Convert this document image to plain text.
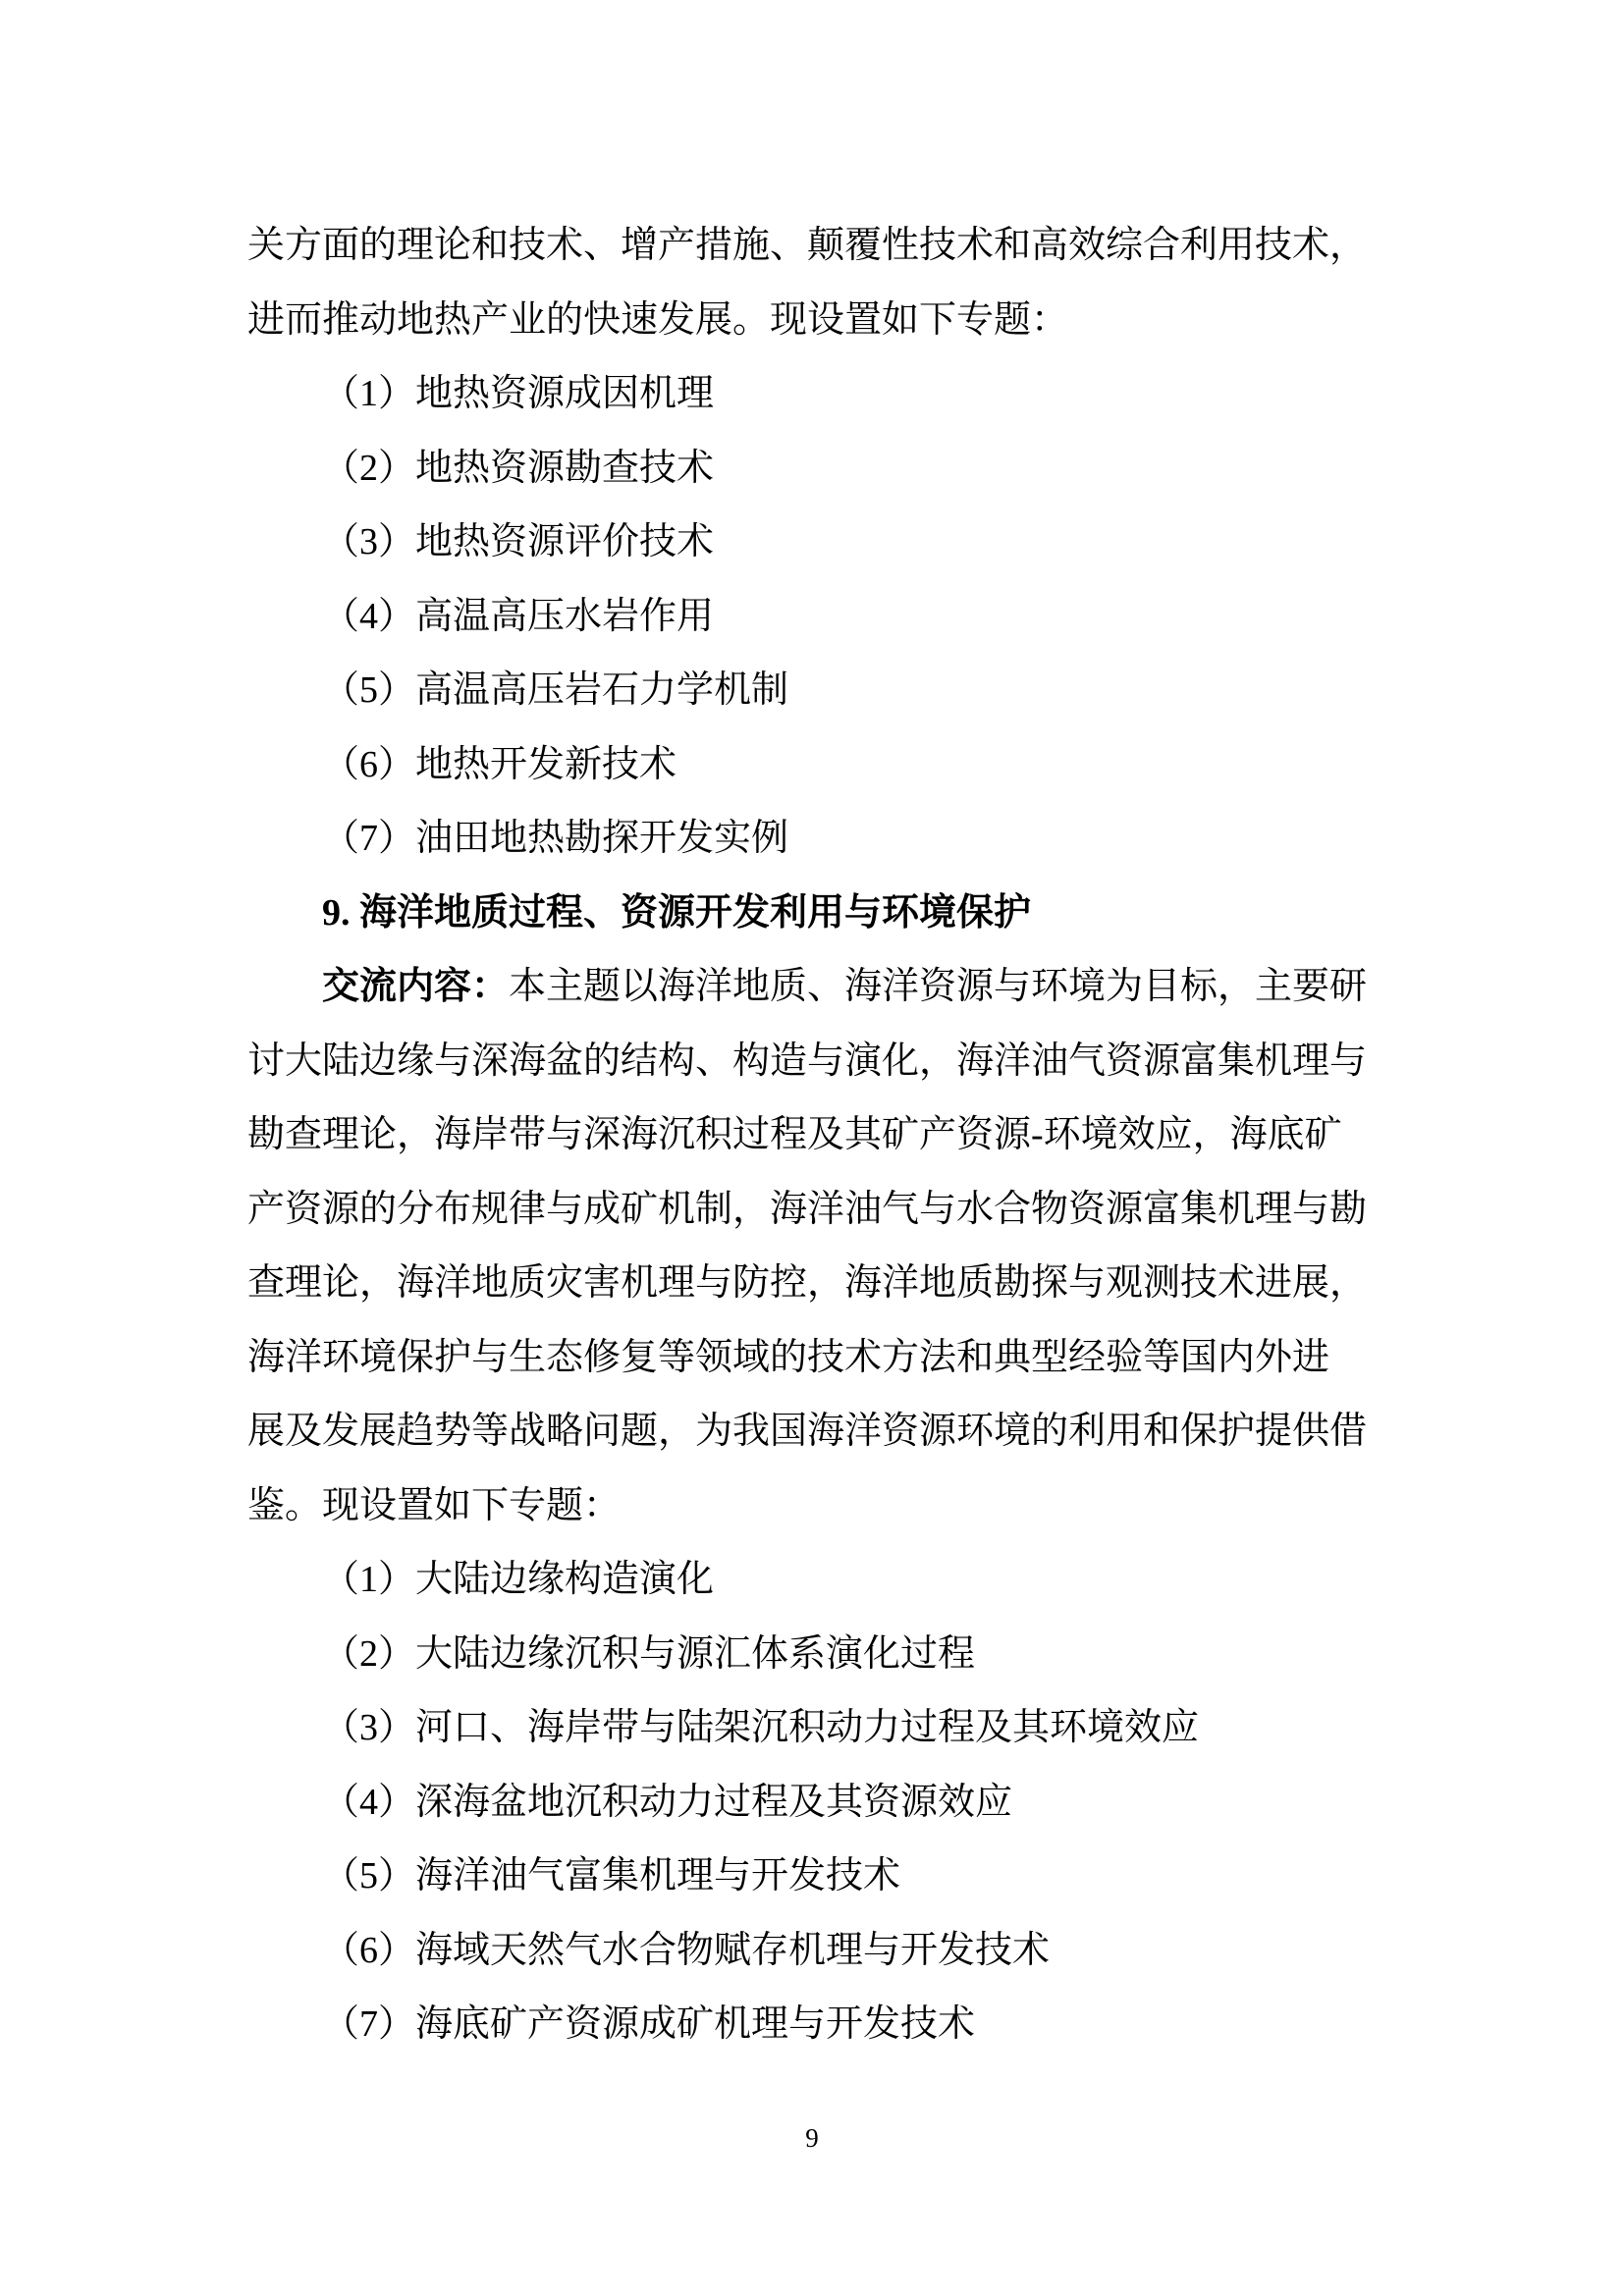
关方面的理论和技术、增产措施、颠覆性技术和高效综合利用技术，
进而推动地热产业的快速发展。现设置如下专题：
（1）地热资源成因机理
（2）地热资源勘查技术
（3）地热资源评价技术
（4）高温高压水岩作用
（5）高温高压岩石力学机制
（6）地热开发新技术
（7）油田地热勘探开发实例
9. 海洋地质过程、资源开发利用与环境保护
交流内容：本主题以海洋地质、海洋资源与环境为目标，主要研
讨大陆边缘与深海盆的结构、构造与演化，海洋油气资源富集机理与
勘查理论，海岸带与深海沉积过程及其矿产资源-环境效应，海底矿
产资源的分布规律与成矿机制，海洋油气与水合物资源富集机理与勘
查理论，海洋地质灾害机理与防控，海洋地质勘探与观测技术进展，
海洋环境保护与生态修复等领域的技术方法和典型经验等国内外进
展及发展趋势等战略问题，为我国海洋资源环境的利用和保护提供借
鉴。现设置如下专题：
（1）大陆边缘构造演化
（2）大陆边缘沉积与源汇体系演化过程
（3）河口、海岸带与陆架沉积动力过程及其环境效应
（4）深海盆地沉积动力过程及其资源效应
（5）海洋油气富集机理与开发技术
（6）海域天然气水合物赋存机理与开发技术
（7）海底矿产资源成矿机理与开发技术
9
